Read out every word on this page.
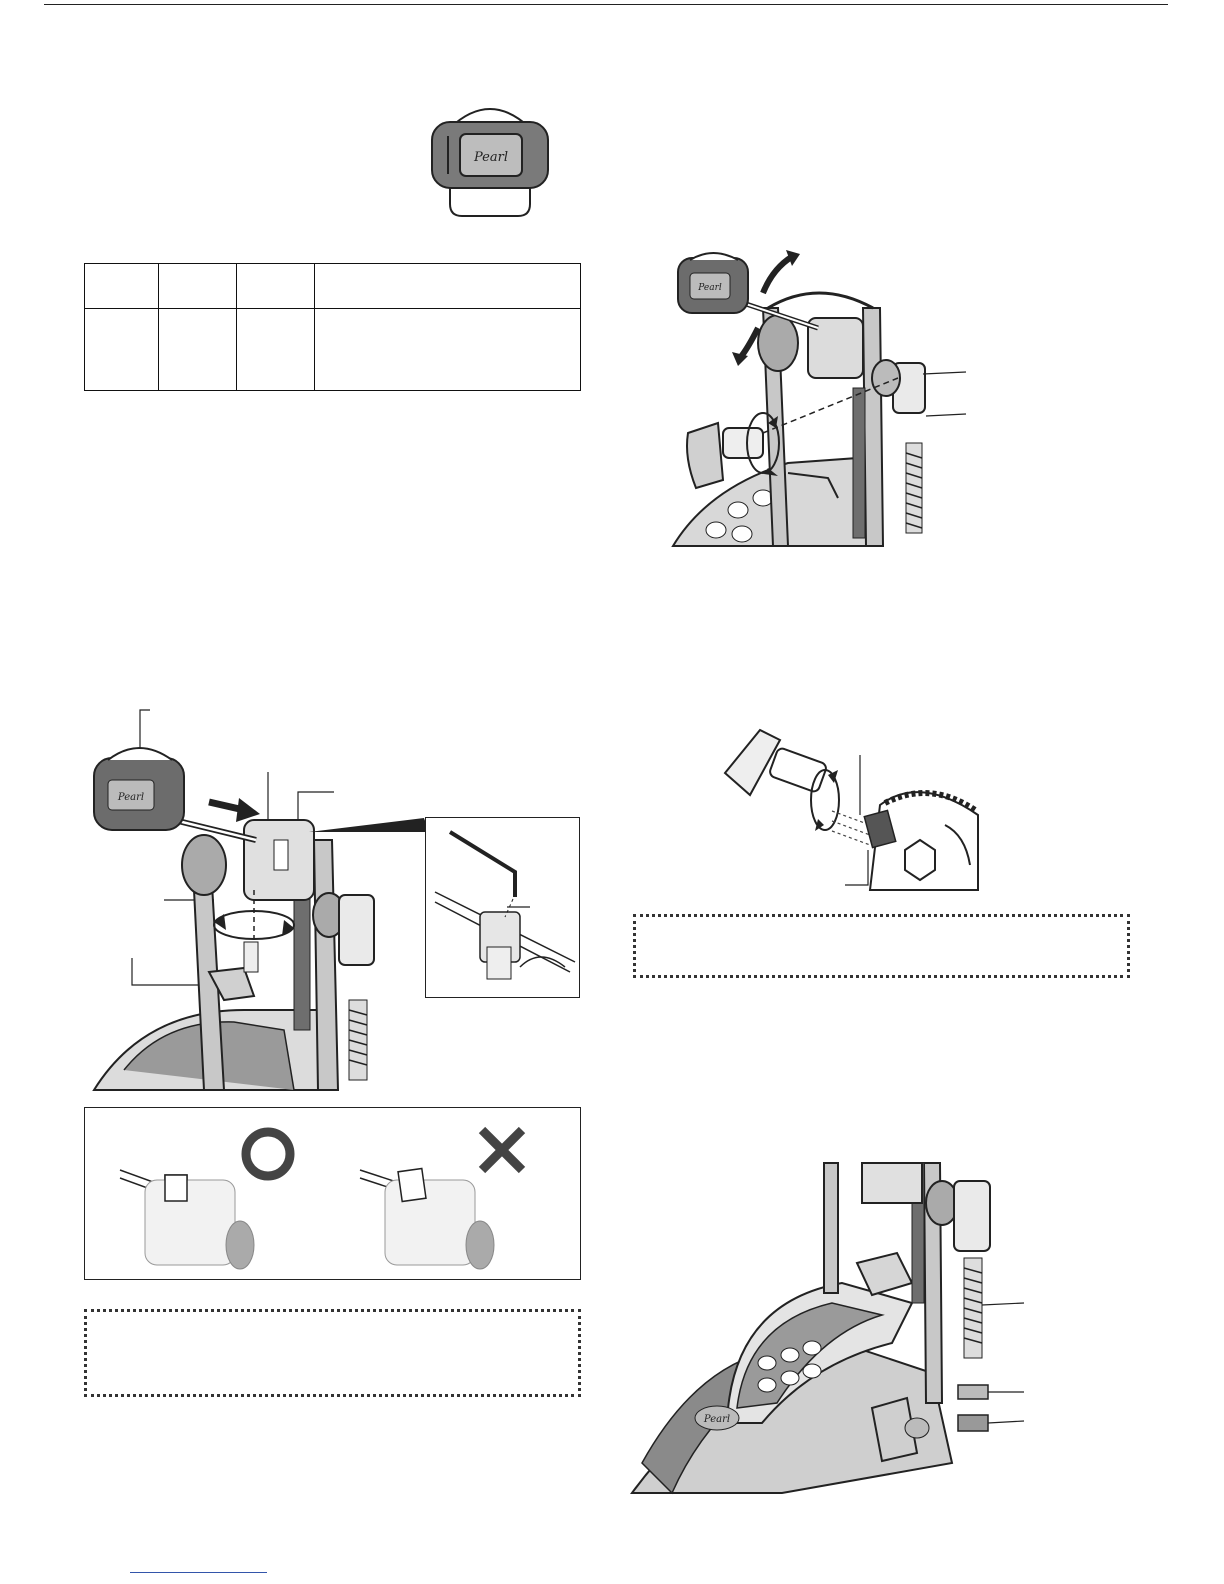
Pearl
Pearl
Pearl
Pearl
